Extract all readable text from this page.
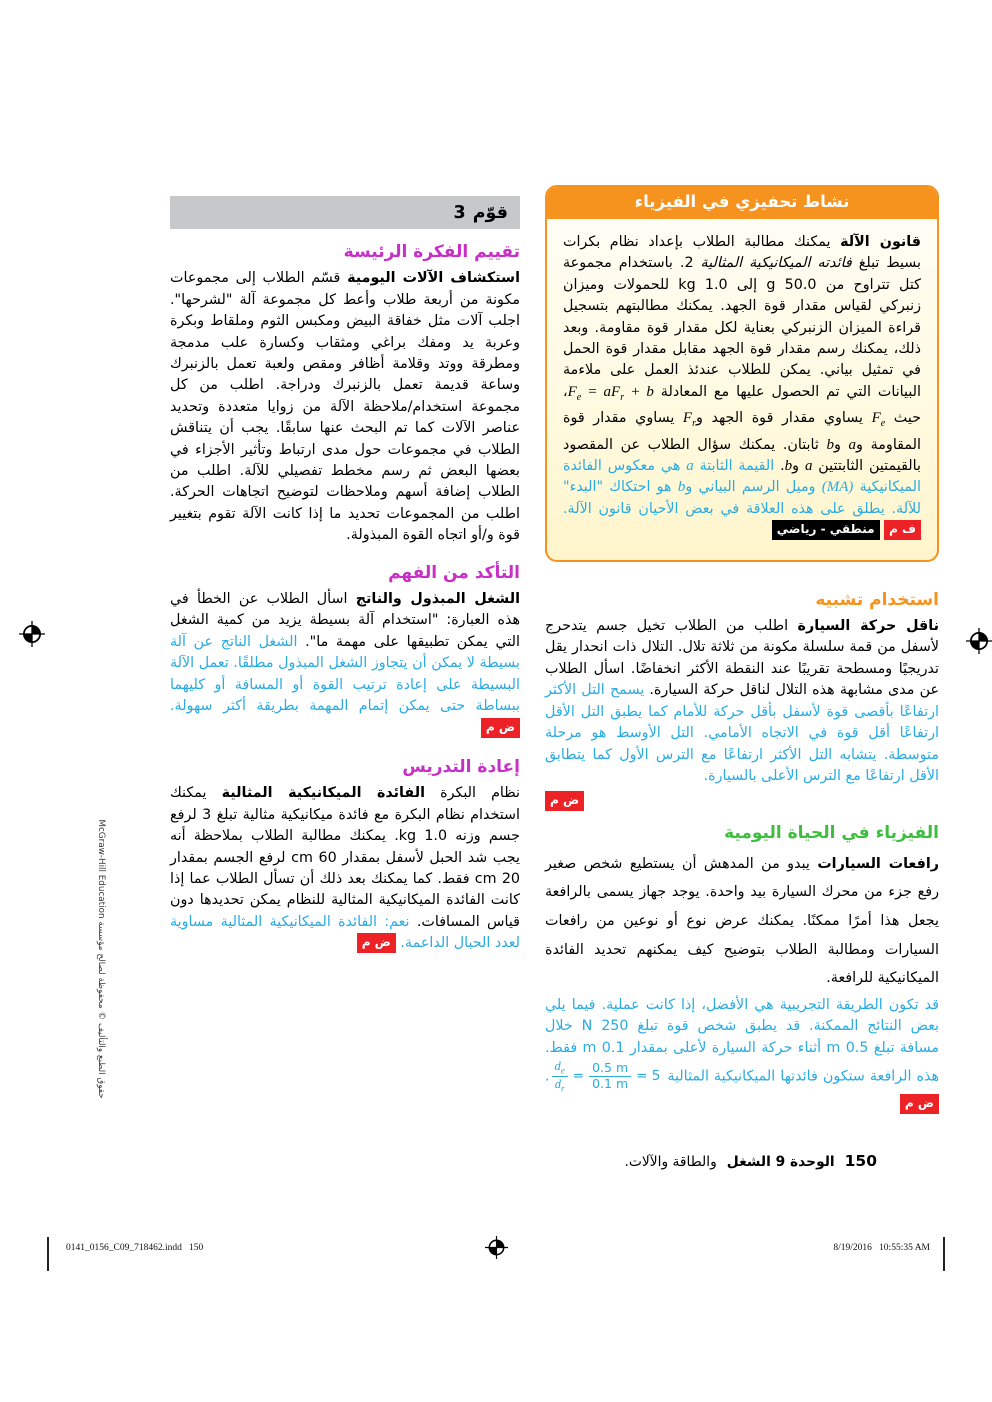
حقوق الطبع والتأليف © محفوظة لصالح مؤسسة McGraw-Hill Education
قوّم
3
تقييم الفكرة الرئيسة

استكشاف الآلات اليومية قسّم الطلاب إلى مجموعات مكونة من أربعة طلاب وأعط كل مجموعة آلة "لشرحها". اجلب آلات مثل خفاقة البيض ومكبس الثوم وملقاط وبكرة وعربة يد ومفك براغي ومثقاب وكسارة علب مدمجة ومطرقة ووتد وقلامة أظافر ومقص ولعبة تعمل بالزنبرك وساعة قديمة تعمل بالزنبرك ودراجة. اطلب من كل مجموعة استخدام/ملاحظة الآلة من زوايا متعددة وتحديد عناصر الآلات كما تم البحث عنها سابقًا. يجب أن يتناقش الطلاب في مجموعات حول مدى ارتباط وتأثير الأجزاء في بعضها البعض ثم رسم مخطط تفصيلي للآلة. اطلب من الطلاب إضافة أسهم وملاحظات لتوضيح اتجاهات الحركة. اطلب من المجموعات تحديد ما إذا كانت الآلة تقوم بتغيير قوة و/أو اتجاه القوة المبذولة.

التأكد من الفهم

الشغل المبذول والناتج اسأل الطلاب عن الخطأ في هذه العبارة: "استخدام آلة بسيطة يزيد من كمية الشغل التي يمكن تطبيقها على مهمة ما". الشغل الناتج عن آلة بسيطة لا يمكن أن يتجاوز الشغل المبذول مطلقًا. تعمل الآلة البسيطة على إعادة ترتيب القوة أو المسافة أو كليهما ببساطة حتى يمكن إتمام المهمة بطريقة أكثر سهولة. ض م

إعادة التدريس

نظام البكرة الفائدة الميكانيكية المثالية يمكنك استخدام نظام البكرة مع فائدة ميكانيكية مثالية تبلغ 3 لرفع جسم وزنه 1.0 kg. يمكنك مطالبة الطلاب بملاحظة أنه يجب شد الحبل لأسفل بمقدار 60 cm لرفع الجسم بمقدار 20 cm فقط. كما يمكنك بعد ذلك أن تسأل الطلاب عما إذا كانت الفائدة الميكانيكية المثالية للنظام يمكن تحديدها دون قياس المسافات. نعم: الفائدة الميكانيكية المثالية مساوية لعدد الحبال الداعمة. ض م

نشاط تحفيزي في الفيزياء
قانون الآلة يمكنك مطالبة الطلاب بإعداد نظام بكرات بسيط تبلغ فائدته الميكانيكية المثالية 2. باستخدام مجموعة كتل تتراوح من 50.0 g إلى 1.0 kg للحمولات وميزان زنبركي لقياس مقدار قوة الجهد. يمكنك مطالبتهم بتسجيل قراءة الميزان الزنبركي بعناية لكل مقدار قوة مقاومة. وبعد ذلك، يمكنك رسم مقدار قوة الجهد مقابل مقدار قوة الحمل في تمثيل بياني. يمكن للطلاب عندئذ العمل على ملاءمة البيانات التي تم الحصول عليها مع المعادلة $F_e = aF_r$ + b، حيث $F_e$ يساوي مقدار قوة الجهد وF$_r$ يساوي مقدار قوة المقاومة وa وb ثابتان. يمكنك سؤال الطلاب عن المقصود بالقيمتين الثابتتين a وb. القيمة الثابتة a هي معكوس الفائدة الميكانيكية (MA) وميل الرسم البياني وb هو احتكاك "البدء" للآلة. يطلق على هذه العلاقة في بعض الأحيان قانون الآلة. ف م منطقي - رياضي
استخدام تشبيه

ناقل حركة السيارة اطلب من الطلاب تخيل جسم يتدحرج لأسفل من قمة سلسلة مكونة من ثلاثة تلال. التلال ذات انحدار يقل تدريجيًا ومسطحة تقريبًا عند النقطة الأكثر انخفاضًا. اسأل الطلاب عن مدى مشابهة هذه التلال لناقل حركة السيارة. يسمح التل الأكثر ارتفاعًا بأقصى قوة لأسفل بأقل حركة للأمام كما يطبق التل الأقل ارتفاعًا أقل قوة في الاتجاه الأمامي. التل الأوسط هو مرحلة متوسطة. يتشابه التل الأكثر ارتفاعًا مع الترس الأول كما يتطابق الأقل ارتفاعًا مع الترس الأعلى بالسيارة.

ض م
الفيزياء في الحياة اليومية

رافعات السيارات يبدو من المدهش أن يستطيع شخص صغير رفع جزء من محرك السيارة بيد واحدة. يوجد جهاز يسمى بالرافعة يجعل هذا أمرًا ممكنًا. يمكنك عرض نوع أو نوعين من رافعات السيارات ومطالبة الطلاب بتوضيح كيف يمكنهم تحديد الفائدة الميكانيكية للرافعة.

قد تكون الطريقة التجريبية هي الأفضل، إذا كانت عملية. فيما يلي بعض النتائج الممكنة. قد يطبق شخص قوة تبلغ 250 N خلال مسافة تبلغ 0.5 m أثناء حركة السيارة لأعلى بمقدار 0.1 m فقط. هذه الرافعة ستكون فائدتها الميكانيكية المثالية
$\frac{d_e}{d_r} = \frac{0.5 m}{0.1 m} = 5$
. ض م

150
الوحدة 9 الشغل
والطاقة والآلات.
0141_0156_C09_718462.indd   150	8/19/2016   10:55:35 AM
